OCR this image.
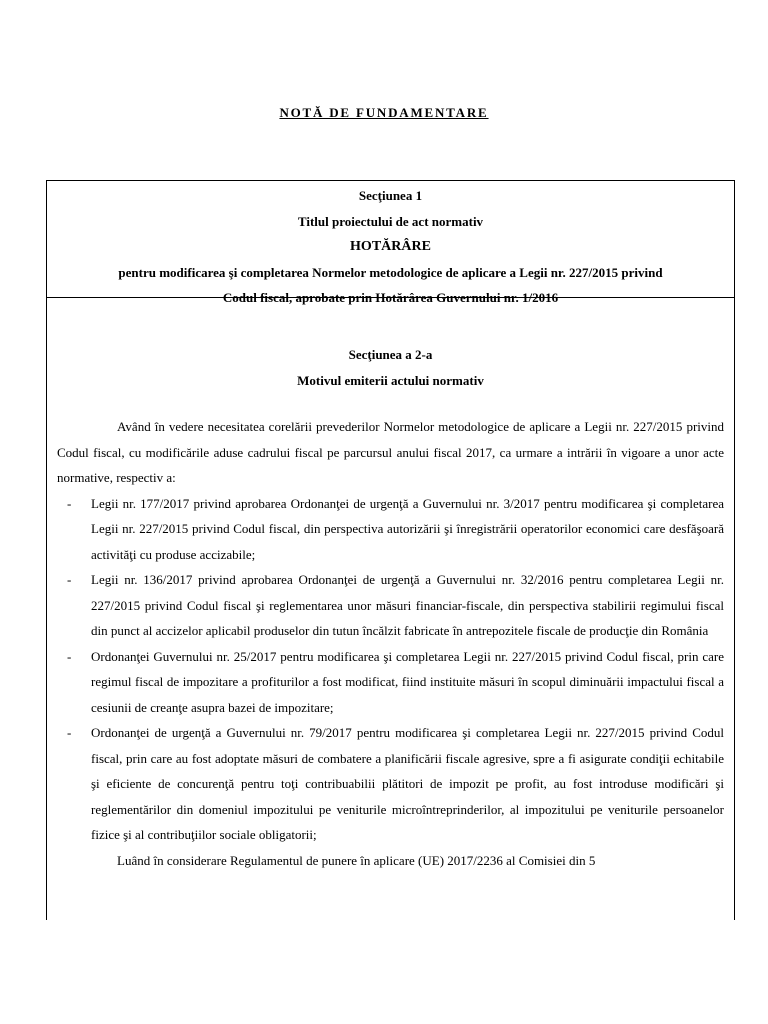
NOTĂ DE FUNDAMENTARE
Secţiunea 1
Titlul proiectului de act normativ
HOTĂRÂRE
pentru modificarea şi completarea Normelor metodologice de aplicare a Legii nr. 227/2015 privind
Codul fiscal, aprobate prin Hotărârea Guvernului nr. 1/2016
Secţiunea a 2-a
Motivul emiterii actului normativ
Având în vedere necesitatea corelării prevederilor Normelor metodologice de aplicare a Legii nr. 227/2015 privind Codul fiscal, cu modificările aduse cadrului fiscal pe parcursul anului fiscal 2017, ca urmare a intrării în vigoare a unor acte normative, respectiv a:
- Legii nr. 177/2017 privind aprobarea Ordonanţei de urgenţă a Guvernului nr. 3/2017 pentru modificarea şi completarea Legii nr. 227/2015 privind Codul fiscal, din perspectiva autorizării şi înregistrării operatorilor economici care desfăşoară activităţi cu produse accizabile;
- Legii nr. 136/2017 privind aprobarea Ordonanţei de urgenţă a Guvernului nr. 32/2016 pentru completarea Legii nr. 227/2015 privind Codul fiscal şi reglementarea unor măsuri financiar-fiscale, din perspectiva stabilirii regimului fiscal din punct al accizelor aplicabil produselor din tutun încălzit fabricate în antrepozitele fiscale de producţie din România
- Ordonanţei Guvernului nr. 25/2017 pentru modificarea şi completarea Legii nr. 227/2015 privind Codul fiscal, prin care regimul fiscal de impozitare a profiturilor a fost modificat, fiind instituite măsuri în scopul diminuării impactului fiscal a cesiunii de creanţe asupra bazei de impozitare;
- Ordonanţei de urgenţă a Guvernului nr. 79/2017 pentru modificarea şi completarea Legii nr. 227/2015 privind Codul fiscal, prin care au fost adoptate măsuri de combatere a planificării fiscale agresive, spre a fi asigurate condiţii echitabile şi eficiente de concurenţă pentru toţi contribuabilii plătitori de impozit pe profit, au fost introduse modificări şi reglementărilor din domeniul impozitului pe veniturile microîntreprinderilor, al impozitului pe veniturile persoanelor fizice şi al contribuţiilor sociale obligatorii;
Luând în considerare Regulamentul de punere în aplicare (UE) 2017/2236 al Comisiei din 5
